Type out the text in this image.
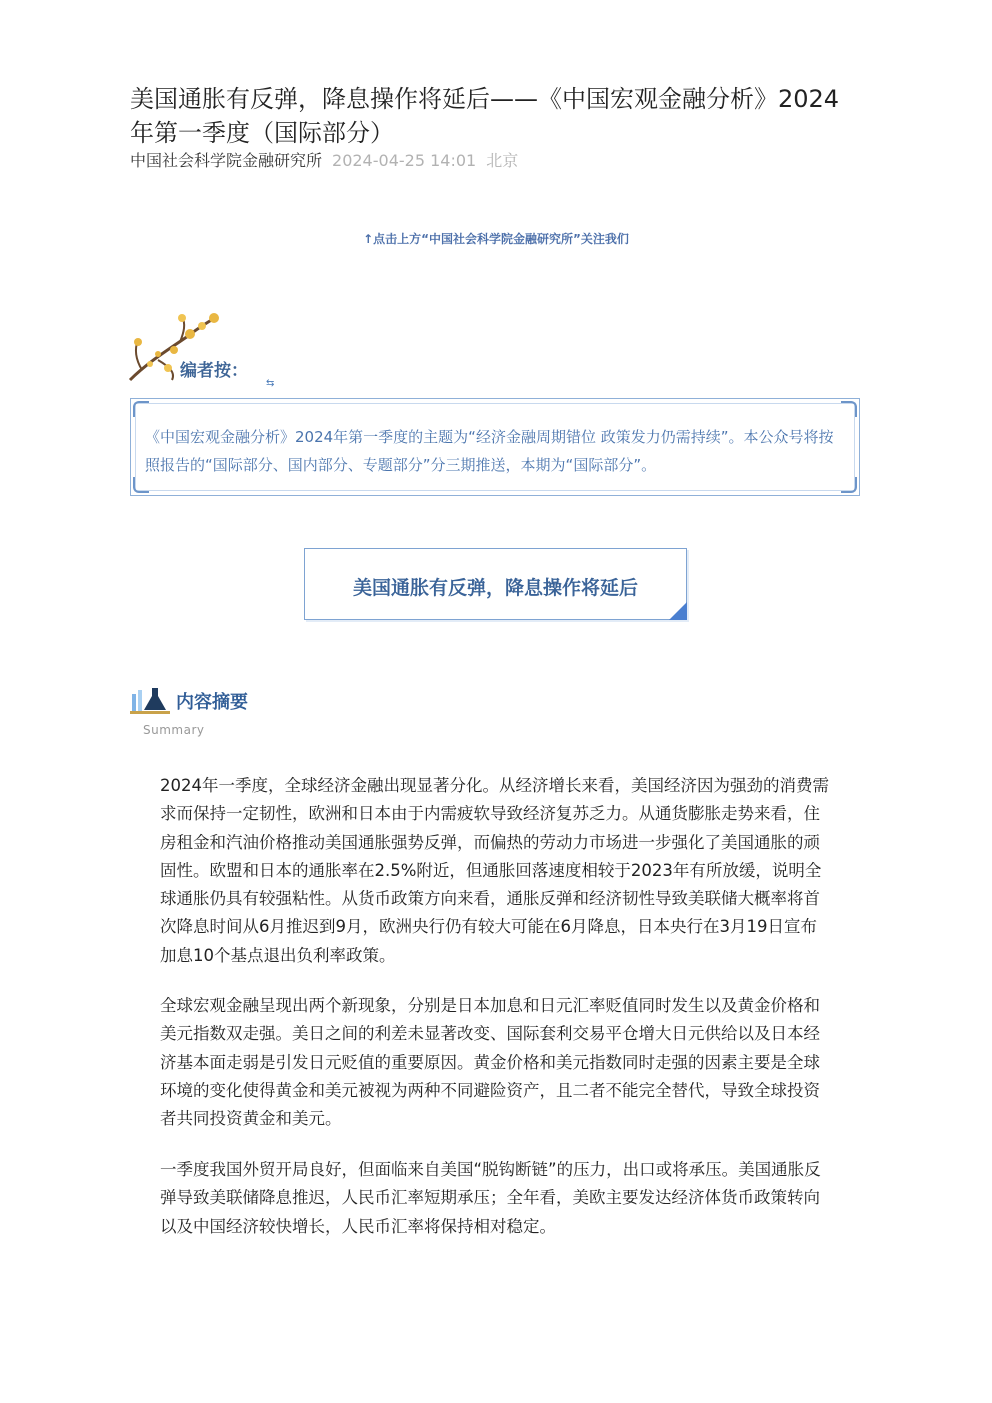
美国通胀有反弹，降息操作将延后——《中国宏观金融分析》2024年第一季度（国际部分）
中国社会科学院金融研究所 2024-04-25 14:01 北京
↑点击上方“中国社会科学院金融研究所”关注我们
编者按：
⇆
《中国宏观金融分析》2024年第一季度的主题为“经济金融周期错位 政策发力仍需持续”。本公众号将按照报告的“国际部分、国内部分、专题部分”分三期推送，本期为“国际部分”。
美国通胀有反弹，降息操作将延后
内容摘要
Summary

2024年一季度，全球经济金融出现显著分化。从经济增长来看，美国经济因为强劲的消费需求而保持一定韧性，欧洲和日本由于内需疲软导致经济复苏乏力。从通货膨胀走势来看，住房租金和汽油价格推动美国通胀强势反弹，而偏热的劳动力市场进一步强化了美国通胀的顽固性。欧盟和日本的通胀率在2.5%附近，但通胀回落速度相较于2023年有所放缓，说明全球通胀仍具有较强粘性。从货币政策方向来看，通胀反弹和经济韧性导致美联储大概率将首次降息时间从6月推迟到9月，欧洲央行仍有较大可能在6月降息，日本央行在3月19日宣布加息10个基点退出负利率政策。

全球宏观金融呈现出两个新现象，分别是日本加息和日元汇率贬值同时发生以及黄金价格和美元指数双走强。美日之间的利差未显著改变、国际套利交易平仓增大日元供给以及日本经济基本面走弱是引发日元贬值的重要原因。黄金价格和美元指数同时走强的因素主要是全球环境的变化使得黄金和美元被视为两种不同避险资产，且二者不能完全替代，导致全球投资者共同投资黄金和美元。

一季度我国外贸开局良好，但面临来自美国“脱钩断链”的压力，出口或将承压。美国通胀反弹导致美联储降息推迟，人民币汇率短期承压；全年看，美欧主要发达经济体货币政策转向以及中国经济较快增长，人民币汇率将保持相对稳定。
